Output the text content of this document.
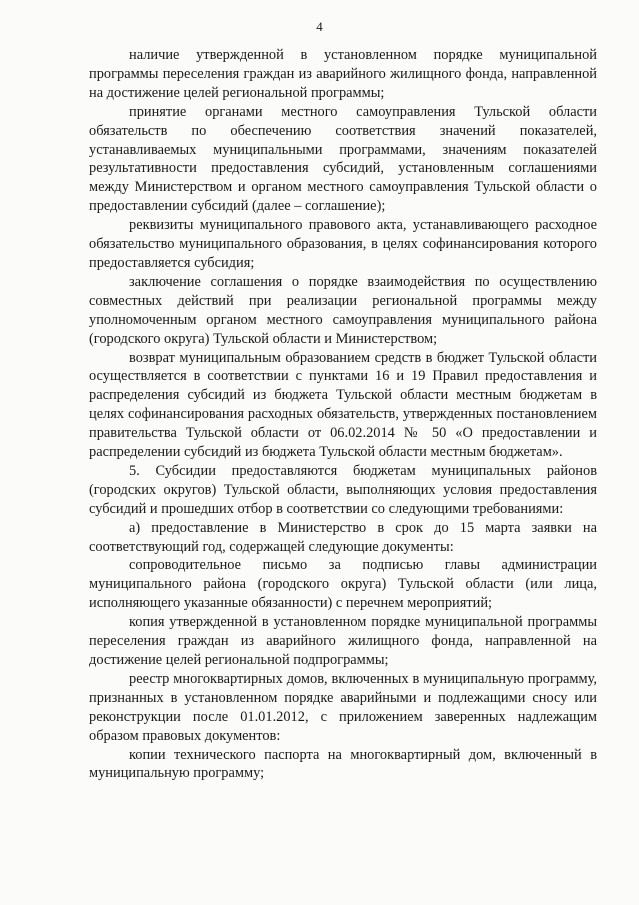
4

наличие утвержденной в установленном порядке муниципальной программы переселения граждан из аварийного жилищного фонда, направленной на достижение целей региональной программы;

принятие органами местного самоуправления Тульской области обязательств по обеспечению соответствия значений показателей, устанавливаемых муниципальными программами, значениям показателей результативности предоставления субсидий, установленным соглашениями между Министерством и органом местного самоуправления Тульской области о предоставлении субсидий (далее – соглашение);

реквизиты муниципального правового акта, устанавливающего расходное обязательство муниципального образования, в целях софинансирования которого предоставляется субсидия;

заключение соглашения о порядке взаимодействия по осуществлению совместных действий при реализации региональной программы между уполномоченным органом местного самоуправления муниципального района (городского округа) Тульской области и Министерством;

возврат муниципальным образованием средств в бюджет Тульской области осуществляется в соответствии с пунктами 16 и 19 Правил предоставления и распределения субсидий из бюджета Тульской области местным бюджетам в целях софинансирования расходных обязательств, утвержденных постановлением правительства Тульской области от 06.02.2014 № 50 «О предоставлении и распределении субсидий из бюджета Тульской области местным бюджетам».

5. Субсидии предоставляются бюджетам муниципальных районов (городских округов) Тульской области, выполняющих условия предоставления субсидий и прошедших отбор в соответствии со следующими требованиями:

а) предоставление в Министерство в срок до 15 марта заявки на соответствующий год, содержащей следующие документы:

сопроводительное письмо за подписью главы администрации муниципального района (городского округа) Тульской области (или лица, исполняющего указанные обязанности) с перечнем мероприятий;

копия утвержденной в установленном порядке муниципальной программы переселения граждан из аварийного жилищного фонда, направленной на достижение целей региональной подпрограммы;

реестр многоквартирных домов, включенных в муниципальную программу, признанных в установленном порядке аварийными и подлежащими сносу или реконструкции после 01.01.2012, с приложением заверенных надлежащим образом правовых документов:

копии технического паспорта на многоквартирный дом, включенный в муниципальную программу;
